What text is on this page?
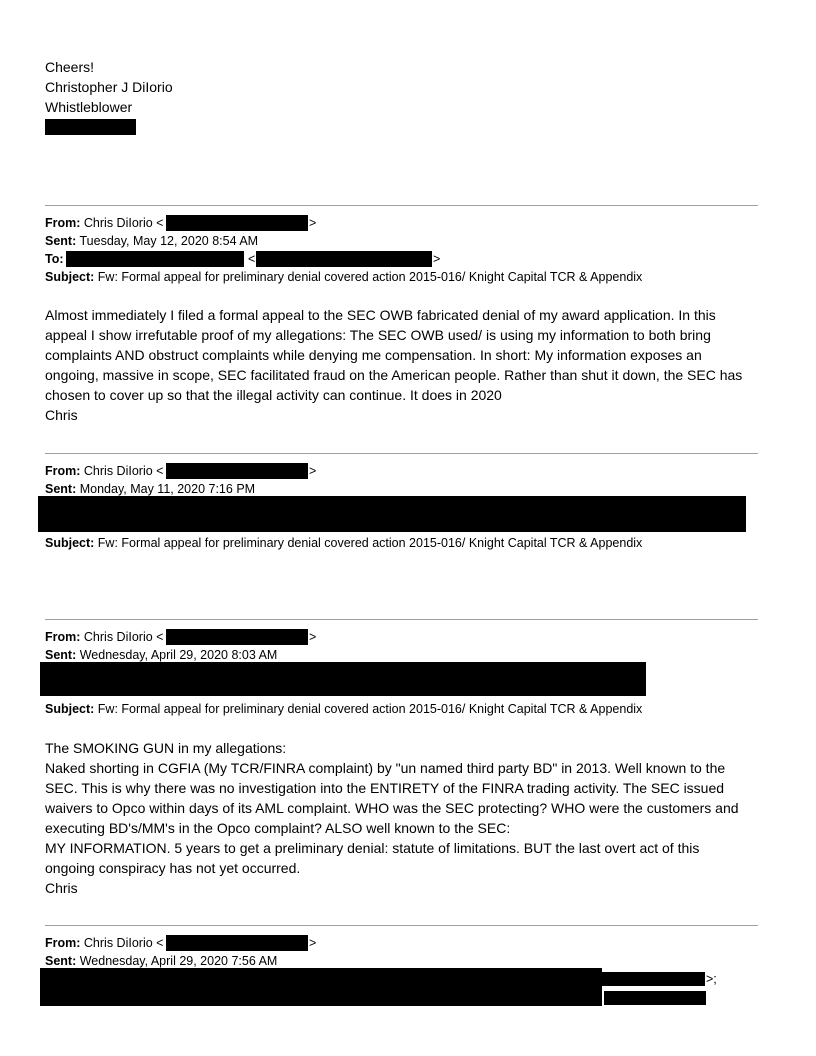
Cheers!
Christopher J DiIorio
Whistleblower
From: Chris DiIorio <	>
Sent: Tuesday, May 12, 2020 8:54 AM
To:	<	>
Subject: Fw: Formal appeal for preliminary denial covered action 2015-016/ Knight Capital TCR & Appendix
Almost immediately I filed a formal appeal to the SEC OWB fabricated denial of my award application. In this
appeal I show irrefutable proof of my allegations: The SEC OWB used/ is using my information to both bring
complaints AND obstruct complaints while denying me compensation. In short: My information exposes an
ongoing, massive in scope, SEC facilitated fraud on the American people. Rather than shut it down, the SEC has
chosen to cover up so that the illegal activity can continue. It does in 2020
Chris
From: Chris DiIorio <	>
Sent: Monday, May 11, 2020 7:16 PM
Subject: Fw: Formal appeal for preliminary denial covered action 2015-016/ Knight Capital TCR & Appendix
From: Chris DiIorio <	>
Sent: Wednesday, April 29, 2020 8:03 AM
Subject: Fw: Formal appeal for preliminary denial covered action 2015-016/ Knight Capital TCR & Appendix
The SMOKING GUN in my allegations:
Naked shorting in CGFIA (My TCR/FINRA complaint) by "un named third party BD" in 2013. Well known to the
SEC. This is why there was no investigation into the ENTIRETY of the FINRA trading activity. The SEC issued
waivers to Opco within days of its AML complaint. WHO was the SEC protecting? WHO were the customers and
executing BD's/MM's in the Opco complaint? ALSO well known to the SEC:
MY INFORMATION. 5 years to get a preliminary denial: statute of limitations. BUT the last overt act of this
ongoing conspiracy has not yet occurred.
Chris
From: Chris DiIorio <	>
Sent: Wednesday, April 29, 2020 7:56 AM
>;
